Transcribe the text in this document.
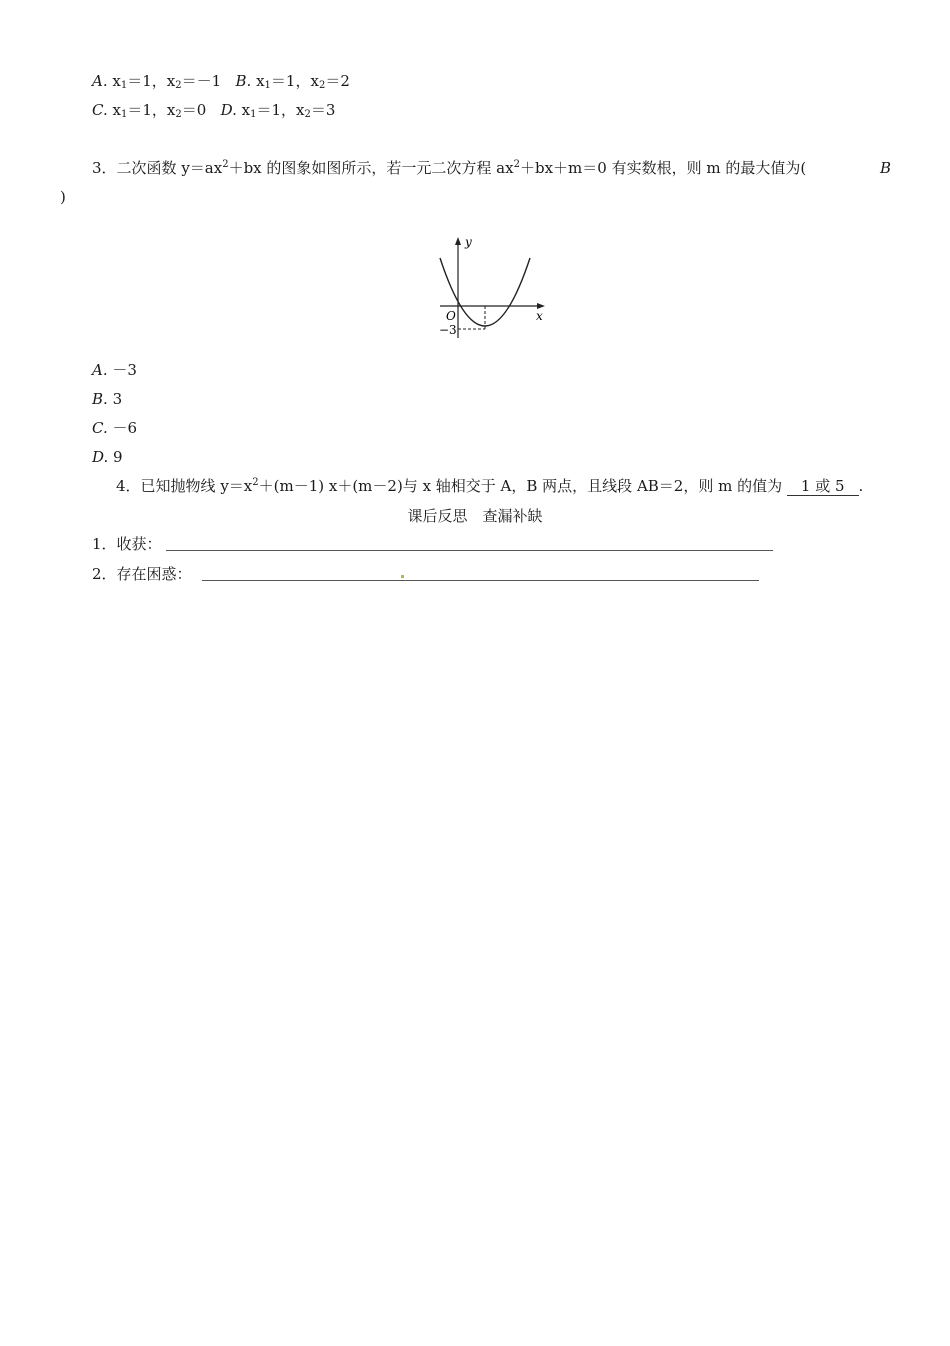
A. $x_1=1$，$x_2=-1$ B. $x_1=1$，$x_2=2$
C. $x_1=1$，$x_2=0$ D. $x_1=1$，$x_2=3$
3．二次函数 $y=ax^2+bx$ 的图象如图所示，若一元二次方程 $ax^2+bx+m=0$ 有实数根，则 m 的最大值为(	B
)
y
x
O
−3
A. －3
B. 3
C. －6
D. 9
4．已知抛物线 $y=x^2+(m-1)$ x＋(m－2)与 x 轴相交于 A，B 两点，且线段 AB＝2，则 m 的值为 1 或 5 .
课后反思　查漏补缺
1．收获：
2．存在困惑：
